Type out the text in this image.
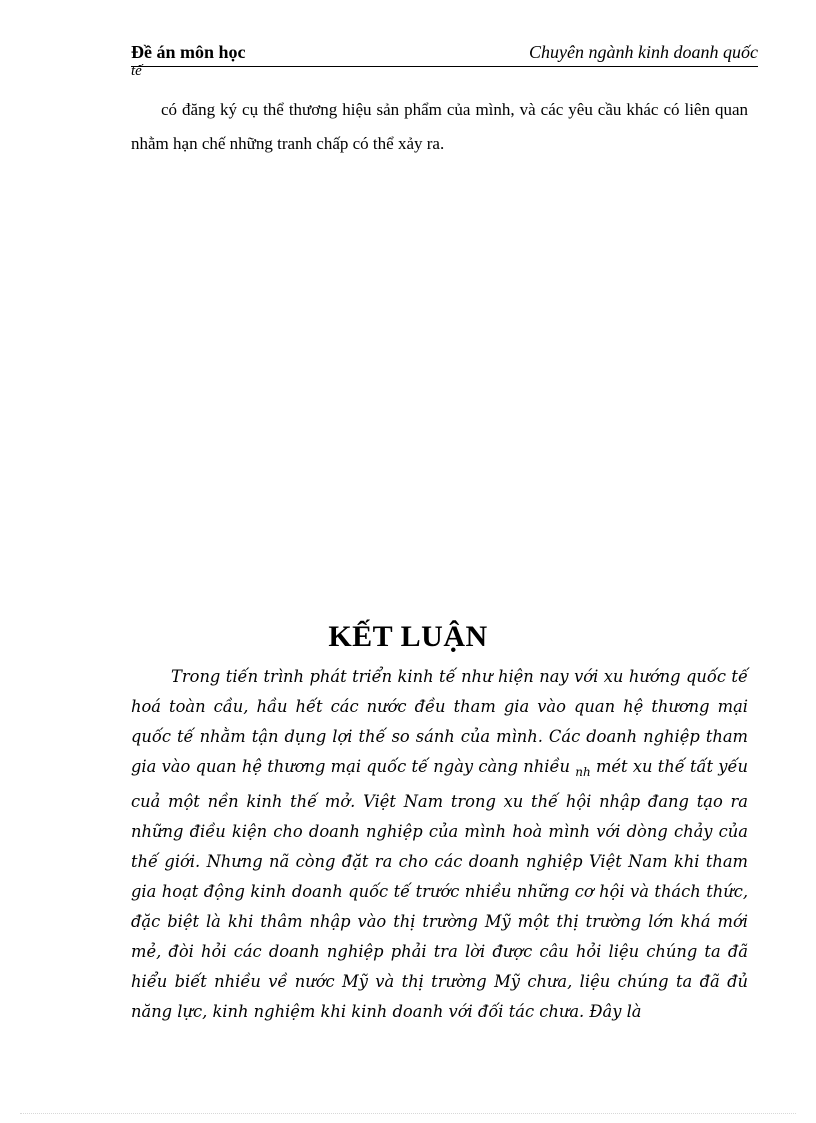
Đề án môn học	Chuyên ngành kinh doanh quốc
tế
có đăng ký cụ thể thương hiệu sản phẩm của mình, và các yêu cầu khác có liên quan nhằm hạn chế những tranh chấp có thể xảy ra.
KẾT LUẬN
Trong tiến trình phát triển kinh tế như hiện nay với xu hướng quốc tế hoá toàn cầu, hầu hết các nước đều tham gia vào quan hệ thương mại quốc tế nhằm tận dụng lợi thế so sánh của mình. Các doanh nghiệp tham gia vào quan hệ thương mại quốc tế ngày càng nhiều $_{nh}$ mét xu thế tất yếu cuả một nền kinh thế mở. Việt Nam trong xu thế hội nhập đang tạo ra những điều kiện cho doanh nghiệp của mình hoà mình với dòng chảy của thế giới. Nhưng nã còng đặt ra cho các doanh nghiệp Việt Nam khi tham gia hoạt động kinh doanh quốc tế trước nhiều những cơ hội và thách thức, đặc biệt là khi thâm nhập vào thị trường Mỹ một thị trường lớn khá mới mẻ, đòi hỏi các doanh nghiệp phải tra lời được câu hỏi liệu chúng ta đã hiểu biết nhiều về nước Mỹ và thị trường Mỹ chưa, liệu chúng ta đã đủ năng lực, kinh nghiệm khi kinh doanh với đối tác chưa. Đây là
